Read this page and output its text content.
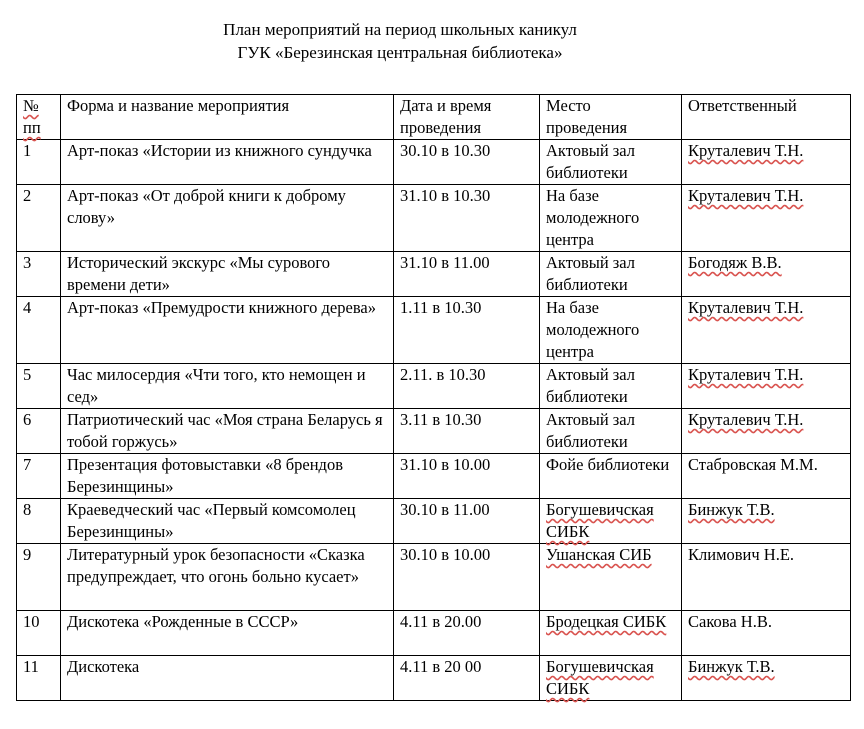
План мероприятий на период школьных каникул
ГУК «Березинская центральная библиотека»
№ пп	Форма и название мероприятия	Дата и время проведения	Место проведения	Ответственный
1	Арт-показ «Истории из книжного сундучка	30.10 в 10.30	Актовый зал библиотеки	Круталевич Т.Н.
2	Арт-показ «От доброй книги к доброму слову»	31.10 в 10.30	На базе молодежного центра	Круталевич Т.Н.
3	Исторический экскурс «Мы сурового времени дети»	31.10 в 11.00	Актовый зал библиотеки	Богодяж В.В.
4	Арт-показ «Премудрости книжного дерева»	1.11 в 10.30	На базе молодежного центра	Круталевич Т.Н.
5	Час милосердия «Чти того, кто немощен и сед»	2.11. в 10.30	Актовый зал библиотеки	Круталевич Т.Н.
6	Патриотический час «Моя страна Беларусь я тобой горжусь»	3.11 в 10.30	Актовый зал библиотеки	Круталевич Т.Н.
7	Презентация фотовыставки «8 брендов Березинщины»	31.10 в 10.00	Фойе библиотеки	Стабровская М.М.
8	Краеведческий час «Первый комсомолец Березинщины»	30.10 в 11.00	Богушевичская СИБК	Бинжук Т.В.
9	Литературный урок безопасности «Сказка предупреждает, что огонь больно кусает»	30.10 в 10.00	Ушанская СИБ	Климович Н.Е.
10	Дискотека «Рожденные в СССР»	4.11 в 20.00	Бродецкая СИБК	Сакова Н.В.
11	Дискотека	4.11 в 20 00	Богушевичская СИБК	Бинжук Т.В.
